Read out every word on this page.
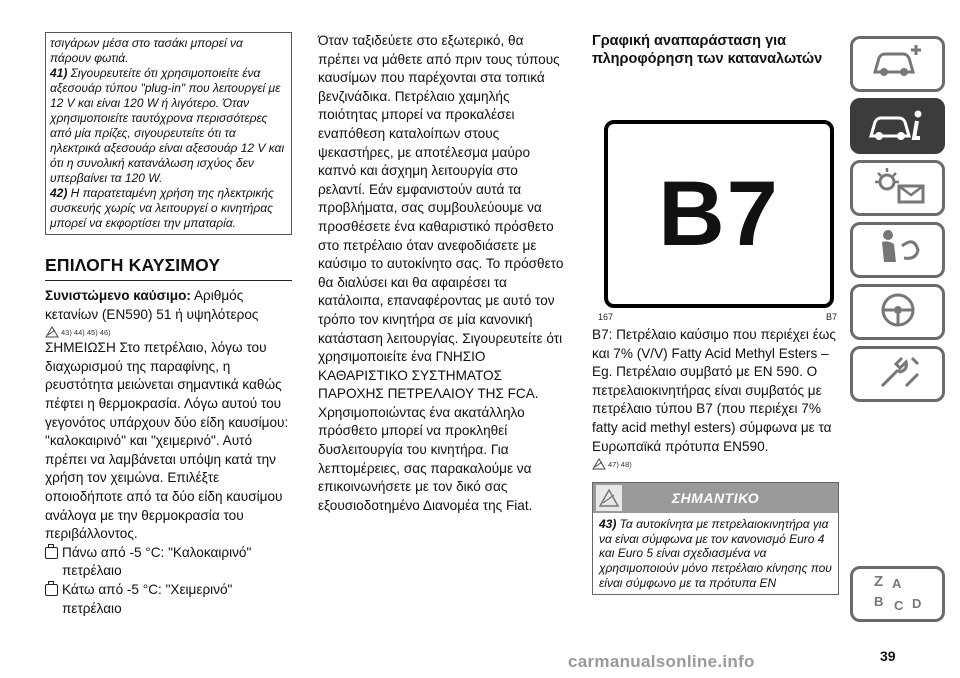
τσιγάρων μέσα στο τασάκι μπορεί να

πάρουν φωτιά.

41) Σιγουρευτείτε ότι χρησιμοποιείτε ένα αξεσουάρ τύπου "plug-in" που λειτουργεί με 12 V και είναι 120 W ή λιγότερο. Όταν χρησιμοποιείτε ταυτόχρονα περισσότερες από μία πρίζες, σιγουρευτείτε ότι τα ηλεκτρικά αξεσουάρ είναι αξεσουάρ 12 V και ότι η συνολική κατανάλωση ισχύος δεν υπερβαίνει τα 120 W.

42) Η παρατεταμένη χρήση της ηλεκτρικής συσκευής χωρίς να λειτουργεί ο κινητήρας μπορεί να εκφορτίσει την μπαταρία.

ΕΠΙΛΟΓΗ ΚΑΥΣΙΜΟΥ

Συνιστώμενο καύσιμο: Αριθμός κετανίων (EN590) 51 ή υψηλότερος

43) 44) 45) 46)

ΣΗΜΕΙΩΣΗ Στο πετρέλαιο, λόγω του διαχωρισμού της παραφίνης, η ρευστότητα μειώνεται σημαντικά καθώς πέφτει η θερμοκρασία. Λόγω αυτού του γεγονότος υπάρχουν δύο είδη καυσίμου: "καλοκαιρινό" και "χειμερινό". Αυτό πρέπει να λαμβάνεται υπόψη κατά την χρήση τον χειμώνα. Επιλέξτε οποιοδήποτε από τα δύο είδη καυσίμου ανάλογα με την θερμοκρασία του περιβάλλοντος.

Πάνω από -5 °C: "Καλοκαιρινό" πετρέλαιο
Κάτω από -5 °C: "Χειμερινό" πετρέλαιο

Όταν ταξιδεύετε στο εξωτερικό, θα πρέπει να μάθετε από πριν τους τύπους καυσίμων που παρέχονται στα τοπικά βενζινάδικα. Πετρέλαιο χαμηλής ποιότητας μπορεί να προκαλέσει εναπόθεση καταλοίπων στους ψεκαστήρες, με αποτέλεσμα μαύρο καπνό και άσχημη λειτουργία στο ρελαντί. Εάν εμφανιστούν αυτά τα προβλήματα, σας συμβουλεύουμε να προσθέσετε ένα καθαριστικό πρόσθετο στο πετρέλαιο όταν ανεφοδιάσετε με καύσιμο το αυτοκίνητο σας. Το πρόσθετο θα διαλύσει και θα αφαιρέσει τα κατάλοιπα, επαναφέροντας με αυτό τον τρόπο τον κινητήρα σε μία κανονική κατάσταση λειτουργίας. Σιγουρευτείτε ότι χρησιμοποιείτε ένα ΓΝΗΣΙΟ ΚΑΘΑΡΙΣΤΙΚΟ ΣΥΣΤΗΜΑΤΟΣ ΠΑΡΟΧΗΣ ΠΕΤΡΕΛΑΙΟΥ ΤΗΣ FCA. Χρησιμοποιώντας ένα ακατάλληλο πρόσθετο μπορεί να προκληθεί δυσλειτουργία του κινητήρα. Για λεπτομέρειες, σας παρακαλούμε να επικοινωνήσετε με τον δικό σας εξουσιοδοτημένο Διανομέα της Fiat.

Γραφική αναπαράσταση για πληροφόρηση των καταναλωτών

B7
167	B7

B7: Πετρέλαιο καύσιμο που περιέχει έως και 7% (V/V) Fatty Acid Methyl Esters – Eg. Πετρέλαιο συμβατό με EN 590. Ο πετρελαιοκινητήρας είναι συμβατός με πετρέλαιο τύπου B7 (που περιέχει 7% fatty acid methyl esters) σύμφωνα με τα Ευρωπαϊκά πρότυπα EN590.

47) 48)
ΣΗΜΑΝΤΙΚΟ
43) Τα αυτοκίνητα με πετρελαιοκινητήρα για να είναι σύμφωνα με τον κανονισμό Euro 4 και Euro 5 είναι σχεδιασμένα να χρησιμοποιούν μόνο πετρέλαιο κίνησης που είναι σύμφωνο με τα πρότυπα EN	Z A
B C D
39
carmanualsonline.info
